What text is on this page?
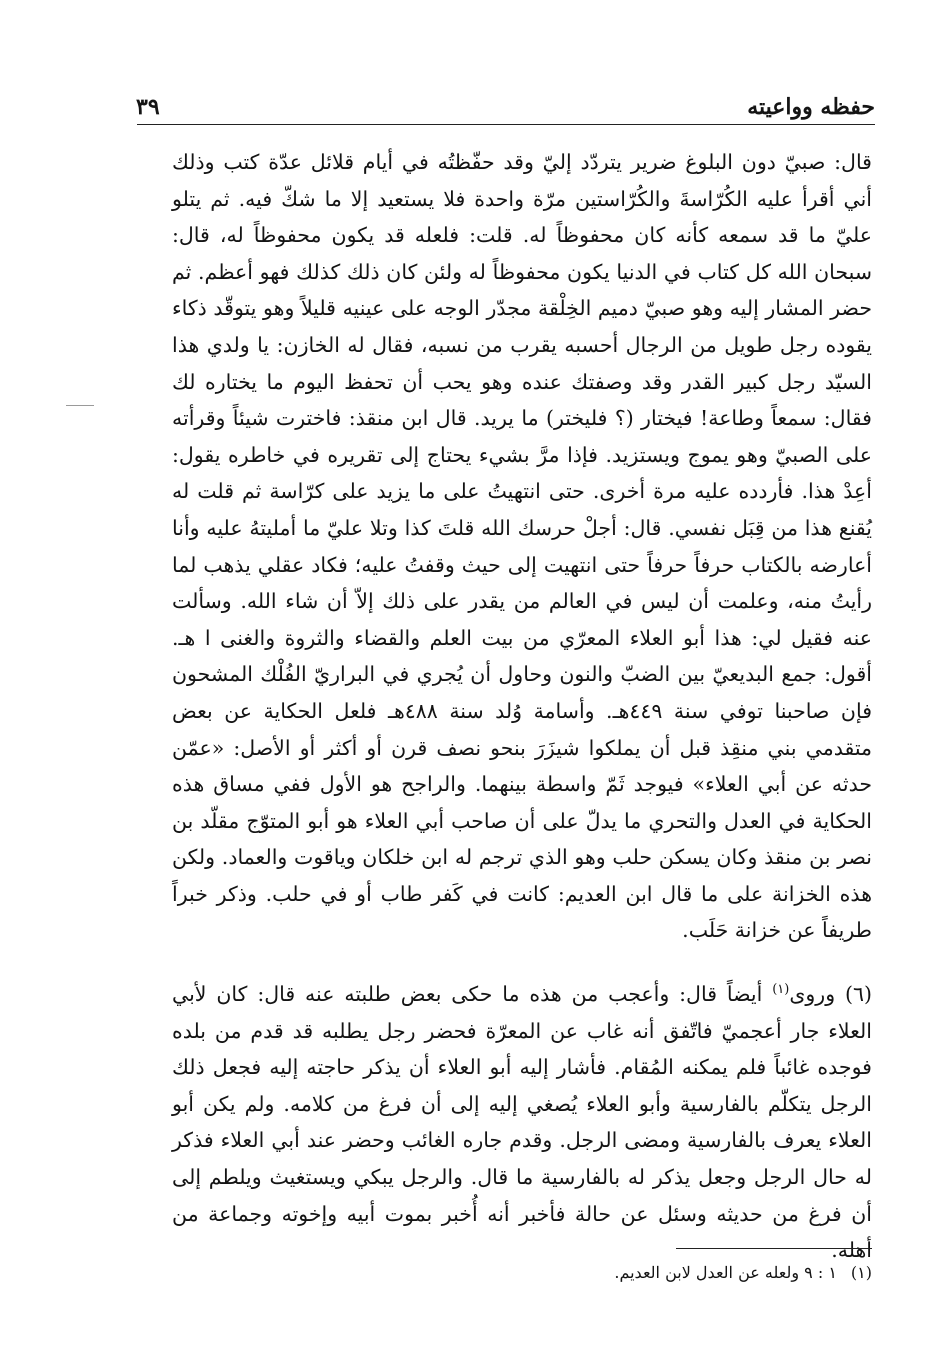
حفظه وواعيته
٣٩

قال: صبيّ دون البلوغ ضرير يتردّد إليّ وقد حفّظتُه في أيام قلائل عدّة كتب وذلك أني أقرأ عليه الكُرّاسةَ والكُرّاستين مرّة واحدة فلا يستعيد إلا ما شكّ فيه. ثم يتلو عليّ ما قد سمعه كأنه كان محفوظاً له. قلت: فلعله قد يكون محفوظاً له، قال: سبحان الله كل كتاب في الدنيا يكون محفوظاً له ولئن كان ذلك كذلك فهو أعظم. ثم حضر المشار إليه وهو صبيّ دميم الخِلْقة مجدّر الوجه على عينيه قليلاً وهو يتوقّد ذكاء يقوده رجل طويل من الرجال أحسبه يقرب من نسبه، فقال له الخازن: يا ولدي هذا السيّد رجل كبير القدر وقد وصفتك عنده وهو يحب أن تحفظ اليوم ما يختاره لك فقال: سمعاً وطاعة! فيختار (؟ فليختر) ما يريد. قال ابن منقذ: فاخترت شيئاً وقرأته على الصبيّ وهو يموج ويستزيد. فإذا مرَّ بشيء يحتاج إلى تقريره في خاطره يقول: أعِدْ هذا. فأردده عليه مرة أخرى. حتى انتهيتُ على ما يزيد على كرّاسة ثم قلت له يُقنع هذا من قِبَل نفسي. قال: أجلْ حرسك الله قلتَ كذا وتلا عليّ ما أمليتهُ عليه وأنا أعارضه بالكتاب حرفاً حرفاً حتى انتهيت إلى حيث وقفتُ عليه؛ فكاد عقلي يذهب لما رأيتُ منه، وعلمت أن ليس في العالم من يقدر على ذلك إلاّ أن شاء الله. وسألت عنه فقيل لي: هذا أبو العلاء المعرّي من بيت العلم والقضاء والثروة والغنى ا هـ. أقول: جمع البديعيّ بين الضبّ والنون وحاول أن يُجري في البراريّ الفُلْك المشحون فإن صاحبنا توفي سنة ٤٤٩هـ. وأسامة وُلد سنة ٤٨٨هـ فلعل الحكاية عن بعض متقدمي بني منقِذ قبل أن يملكوا شيزَرَ بنحو نصف قرن أو أكثر أو الأصل: «عمّن حدثه عن أبي العلاء» فيوجد ثَمّ واسطة بينهما. والراجح هو الأول ففي مساق هذه الحكاية في العدل والتحري ما يدلّ على أن صاحب أبي العلاء هو أبو المتوّج مقلّد بن نصر بن منقذ وكان يسكن حلب وهو الذي ترجم له ابن خلكان وياقوت والعماد. ولكن هذه الخزانة على ما قال ابن العديم: كانت في كَفر طاب أو في حلب. وذكر خبراً طريفاً عن خزانة حَلَب.

(٦) وروى$^{(١)}$ أيضاً قال: وأعجب من هذه ما حكى بعض طلبته عنه قال: كان لأبي العلاء جار أعجميّ فاتّفق أنه غاب عن المعرّة فحضر رجل يطلبه قد قدم من بلده فوجده غائباً فلم يمكنه المُقام. فأشار إليه أبو العلاء أن يذكر حاجته إليه فجعل ذلك الرجل يتكلّم بالفارسية وأبو العلاء يُصغي إليه إلى أن فرغ من كلامه. ولم يكن أبو العلاء يعرف بالفارسية ومضى الرجل. وقدم جاره الغائب وحضر عند أبي العلاء فذكر له حال الرجل وجعل يذكر له بالفارسية ما قال. والرجل يبكي ويستغيث ويلطم إلى أن فرغ من حديثه وسئل عن حالة فأخبر أنه أُخبر بموت أبيه وإخوته وجماعة من أهله.
(١)
١ : ٩ ولعله عن العدل لابن العديم.
